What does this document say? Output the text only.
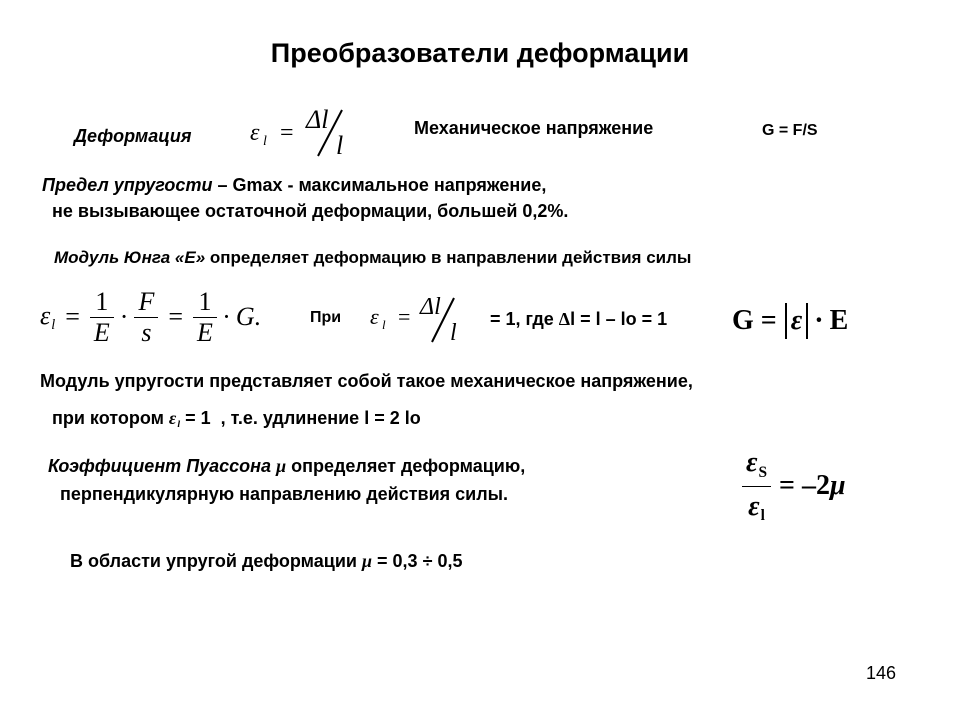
Преобразователи деформации
Деформация ε l = Δl
l
Механическое напряжение	G = F/S
Предел упругости – Gmax - максимальное напряжение,
не вызывающее остаточной деформации, большей 0,2%.
Модуль Юнга «E» определяет деформацию в направлении действия силы
$\varepsilon_l = \frac{1}{E} \cdot \frac{F}{s} = \frac{1}{E} \cdot G$.	При ε l = Δl
l
= 1, где Δl = l – lo = 1 G = ε · E
Модуль упругости представляет собой такое механическое напряжение,
при котором $\varepsilon_l = 1$ , т.е. удлинение l = 2 lo
Коэффициент Пуассона μ определяет деформацию,
перпендикулярную направлению действия силы.	$\frac{\varepsilon_S}{\varepsilon_l} = -2$ μ
В области упругой деформации μ = 0,3 ÷ 0,5
146
